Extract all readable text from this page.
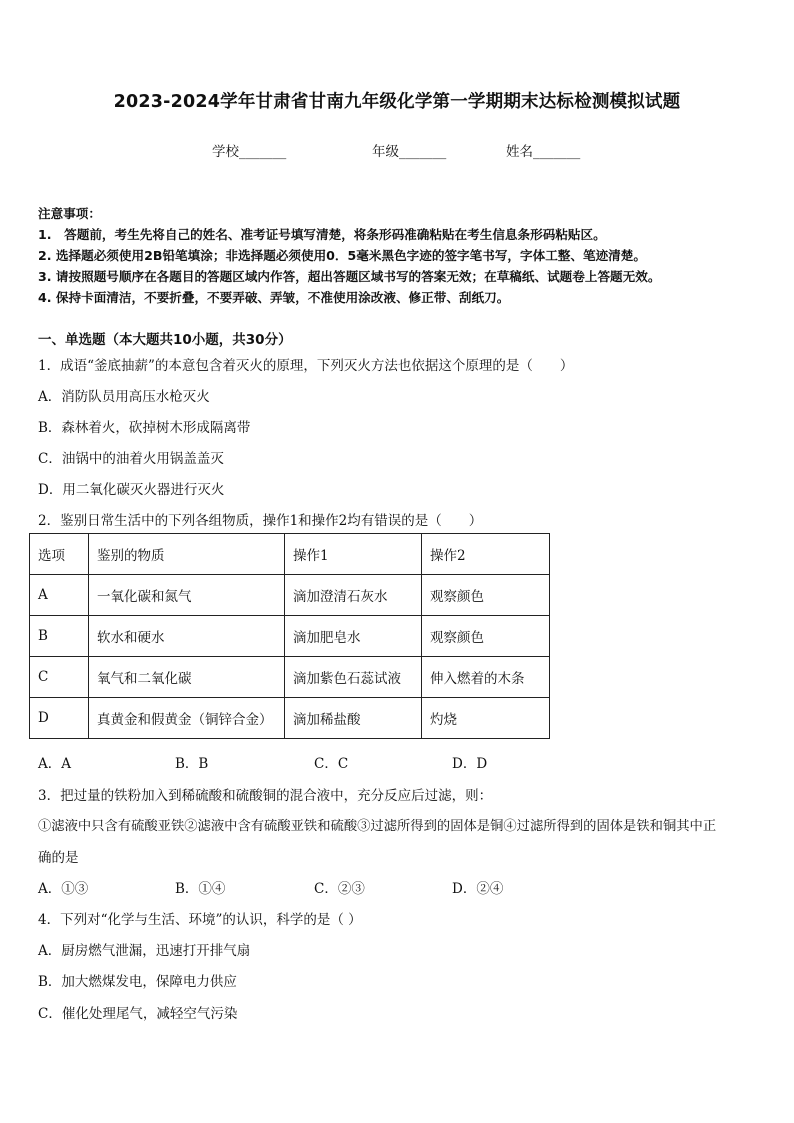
2023-2024学年甘肃省甘南九年级化学第一学期期末达标检测模拟试题
学校_______	年级_______	姓名_______
注意事项：
1.　答题前，考生先将自己的姓名、准考证号填写清楚，将条形码准确粘贴在考生信息条形码粘贴区。
2. 选择题必须使用2B铅笔填涂；非选择题必须使用0．5毫米黑色字迹的签字笔书写，字体工整、笔迹清楚。
3. 请按照题号顺序在各题目的答题区域内作答，超出答题区域书写的答案无效；在草稿纸、试题卷上答题无效。
4. 保持卡面清洁，不要折叠，不要弄破、弄皱，不准使用涂改液、修正带、刮纸刀。
一、单选题（本大题共10小题，共30分）
1．成语“釜底抽薪”的本意包含着灭火的原理，下列灭火方法也依据这个原理的是（　　）
A．消防队员用高压水枪灭火
B．森林着火，砍掉树木形成隔离带
C．油锅中的油着火用锅盖盖灭
D．用二氧化碳灭火器进行灭火
2．鉴别日常生活中的下列各组物质，操作1和操作2均有错误的是（　　）
选项	鉴别的物质	操作1	操作2
A	一氧化碳和氮气	滴加澄清石灰水	观察颜色
B	软水和硬水	滴加肥皂水	观察颜色
C	氧气和二氧化碳	滴加紫色石蕊试液	伸入燃着的木条
D	真黄金和假黄金（铜锌合金）	滴加稀盐酸	灼烧
A．A	B．B	C．C	D．D
3．把过量的铁粉加入到稀硫酸和硫酸铜的混合液中，充分反应后过滤，则：
①滤液中只含有硫酸亚铁②滤液中含有硫酸亚铁和硫酸③过滤所得到的固体是铜④过滤所得到的固体是铁和铜其中正
确的是
A．①③	B．①④	C．②③	D．②④
4．下列对“化学与生活、环境”的认识，科学的是（ ）
A．厨房燃气泄漏，迅速打开排气扇
B．加大燃煤发电，保障电力供应
C．催化处理尾气，减轻空气污染
